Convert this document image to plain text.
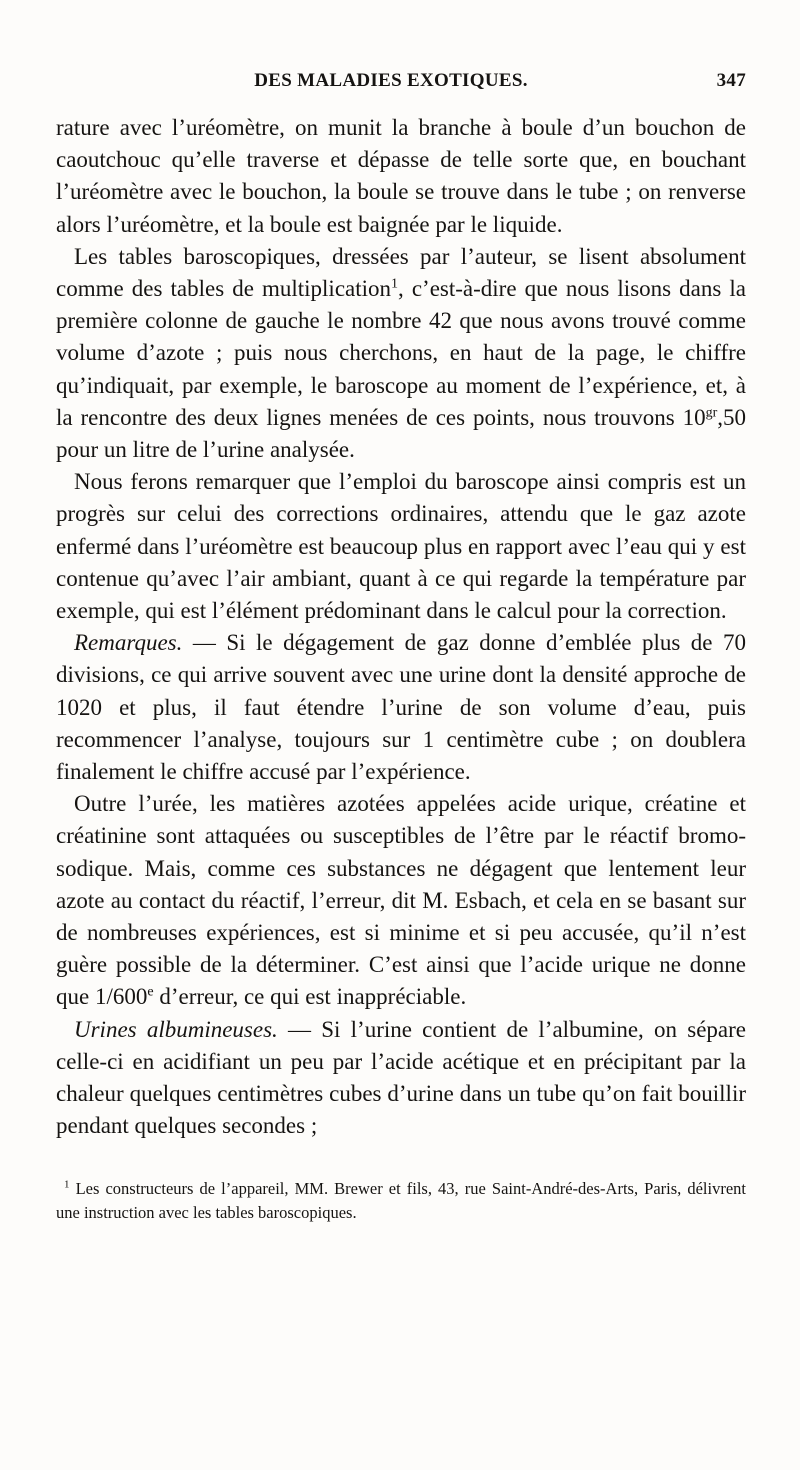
DES MALADIES EXOTIQUES.	347

rature avec l’uréomètre, on munit la branche à boule d’un bouchon de caoutchouc qu’elle traverse et dépasse de telle sorte que, en bouchant l’uréomètre avec le bouchon, la boule se trouve dans le tube ; on renverse alors l’uréomètre, et la boule est baignée par le liquide.

Les tables baroscopiques, dressées par l’auteur, se lisent absolument comme des tables de multiplication$^1$, c’est-à-dire que nous lisons dans la première colonne de gauche le nombre 42 que nous avons trouvé comme volume d’azote ; puis nous cherchons, en haut de la page, le chiffre qu’indiquait, par exemple, le baroscope au moment de l’expérience, et, à la rencontre des deux lignes menées de ces points, nous trouvons $10^{gr},50$ pour un litre de l’urine analysée.

Nous ferons remarquer que l’emploi du baroscope ainsi compris est un progrès sur celui des corrections ordinaires, attendu que le gaz azote enfermé dans l’uréomètre est beaucoup plus en rapport avec l’eau qui y est contenue qu’avec l’air ambiant, quant à ce qui regarde la température par exemple, qui est l’élément prédominant dans le calcul pour la correction.

Remarques. — Si le dégagement de gaz donne d’emblée plus de 70 divisions, ce qui arrive souvent avec une urine dont la densité approche de 1020 et plus, il faut étendre l’urine de son volume d’eau, puis recommencer l’analyse, toujours sur 1 centimètre cube ; on doublera finalement le chiffre accusé par l’expérience.

Outre l’urée, les matières azotées appelées acide urique, créatine et créatinine sont attaquées ou susceptibles de l’être par le réactif bromo-sodique. Mais, comme ces substances ne dégagent que lentement leur azote au contact du réactif, l’erreur, dit M. Esbach, et cela en se basant sur de nombreuses expériences, est si minime et si peu accusée, qu’il n’est guère possible de la déterminer. C’est ainsi que l’acide urique ne donne que 1/600e d’erreur, ce qui est inappréciable.

Urines albumineuses. — Si l’urine contient de l’albumine, on sépare celle-ci en acidifiant un peu par l’acide acétique et en précipitant par la chaleur quelques centimètres cubes d’urine dans un tube qu’on fait bouillir pendant quelques secondes ;

$^1$ Les constructeurs de l’appareil, MM. Brewer et fils, 43, rue Saint-André-des-Arts, Paris, délivrent une instruction avec les tables baroscopiques.
